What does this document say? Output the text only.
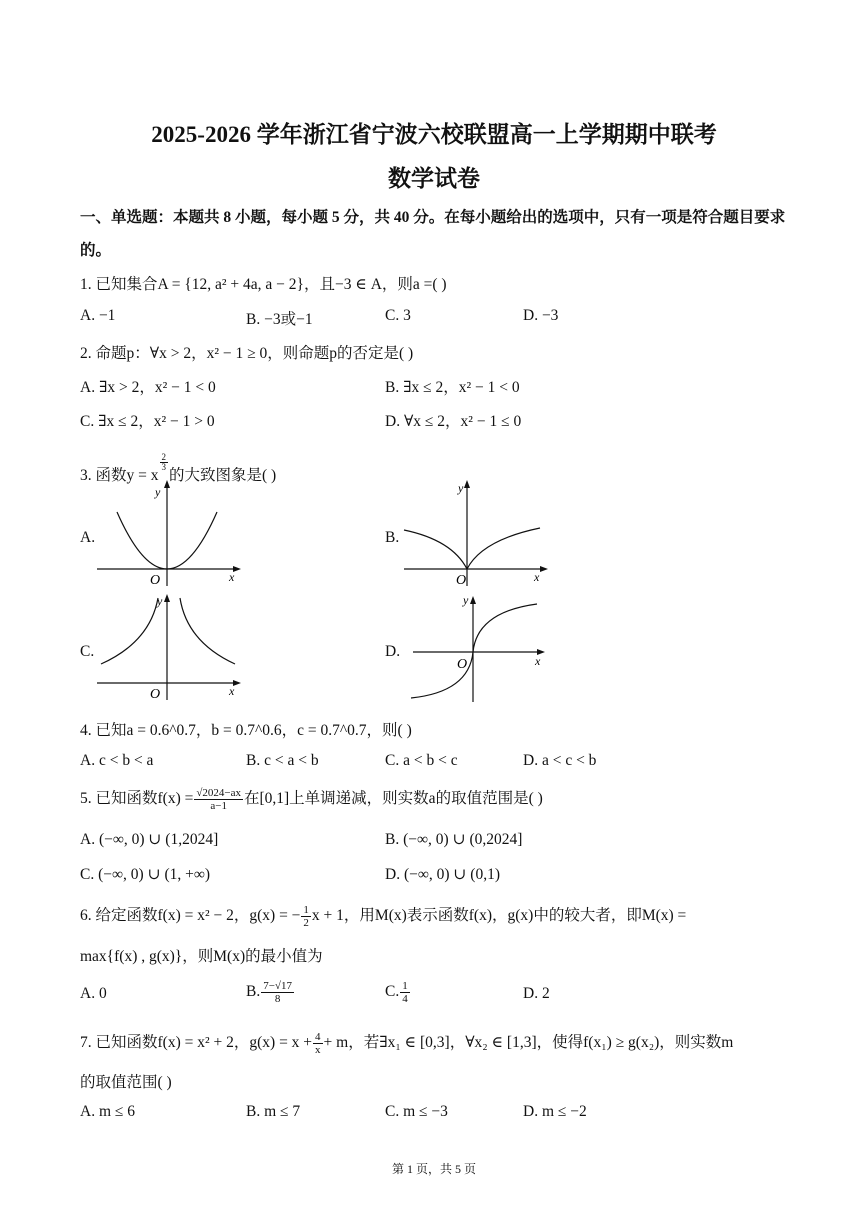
2025-2026 学年浙江省宁波六校联盟高一上学期期中联考
数学试卷
一、单选题：本题共 8 小题，每小题 5 分，共 40 分。在每小题给出的选项中，只有一项是符合题目要求
的。
1. 已知集合A = {12, a² + 4a, a − 2}，且−3 ∈ A，则a =( )
A. −1	B. −3或−1	C. 3	D. −3
2. 命题p：∀x > 2，x² − 1 ≥ 0，则命题p的否定是( )
A. ∃x > 2，x² − 1 < 0	B. ∃x ≤ 2，x² − 1 < 0
C. ∃x ≤ 2，x² − 1 > 0	D. ∀x ≤ 2，x² − 1 ≤ 0
3. 函数y = x
$\frac{2}{3}$
的大致图象是( )
A.	B.
C.	D.
y
x
O
y
x
O
y
x
O
y
x
O
4. 已知a = 0.6^0.7，b = 0.7^0.6，c = 0.7^0.7，则( )
A. c < b < a	B. c < a < b	C. a < b < c	D. a < c < b
5. 已知函数$f(x) = \frac{√2024-ax}{a-1}$ 在[0,1]上单调递减，则实数a的取值范围是( )
A. (−∞, 0) ∪ (1,2024]	B. (−∞, 0) ∪ (0,2024]
C. (−∞, 0) ∪ (1, +∞)	D. (−∞, 0) ∪ (0,1)
6. 给定函数f(x) = x² − 2，g(x) = − $\frac{1}{2}$ x + 1，用M(x)表示函数f(x)，g(x)中的较大者，即M(x) =
max{f(x) , g(x)}，则M(x)的最小值为
A. 0	B. $\frac{7-√17}{8}$	C. $\frac{1}{4}$	D. 2
7. 已知函数f(x) = x² + 2，$g(x) = x + \frac{4}{x} + m$，若∃x₁ ∈ [0,3]，∀x₂ ∈ [1,3]，使得f(x₁) ≥ g(x₂)，则实数m
的取值范围( )
A. m ≤ 6	B. m ≤ 7	C. m ≤ −3	D. m ≤ −2
第 1 页，共 5 页
